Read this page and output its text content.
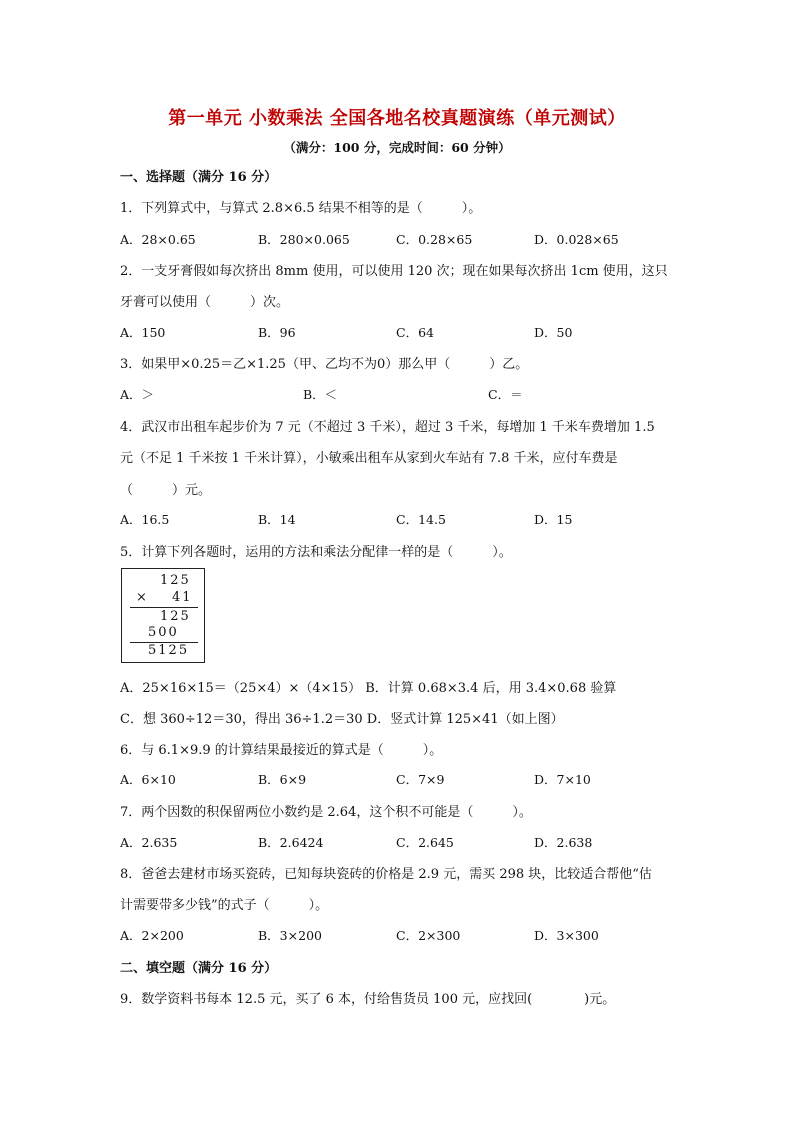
第一单元 小数乘法 全国各地名校真题演练（单元测试）
（满分：100 分，完成时间：60 分钟）
一、选择题（满分 16 分）
1．下列算式中，与算式 2.8×6.5 结果不相等的是（　　　）。
A．28×0.65	B．280×0.065	C．0.28×65	D．0.028×65
2．一支牙膏假如每次挤出 8mm 使用，可以使用 120 次；现在如果每次挤出 1cm 使用，这只
牙膏可以使用（　　　）次。
A．150	B．96	C．64	D．50
3．如果甲×0.25＝乙×1.25（甲、乙均不为0）那么甲（　　　）乙。
A．＞	B．＜	C．＝
4．武汉市出租车起步价为 7 元（不超过 3 千米），超过 3 千米，每增加 1 千米车费增加 1.5
元（不足 1 千米按 1 千米计算），小敏乘出租车从家到火车站有 7.8 千米，应付车费是
（　　　）元。
A．16.5	B．14	C．14.5	D．15
5．计算下列各题时，运用的方法和乘法分配律一样的是（　　　）。
125
× 41
125
500
5125
A．25×16×15＝（25×4）×（4×15） B．计算 0.68×3.4 后，用 3.4×0.68 验算
C．想 360÷12＝30，得出 36÷1.2＝30 D．竖式计算 125×41（如上图）
6．与 6.1×9.9 的计算结果最接近的算式是（　　　）。
A．6×10	B．6×9	C．7×9	D．7×10
7．两个因数的积保留两位小数约是 2.64，这个积不可能是（　　　）。
A．2.635	B．2.6424	C．2.645	D．2.638
8．爸爸去建材市场买瓷砖，已知每块瓷砖的价格是 2.9 元，需买 298 块，比较适合帮他“估
计需要带多少钱”的式子（　　　）。
A．2×200	B．3×200	C．2×300	D．3×300
二、填空题（满分 16 分）
9．数学资料书每本 12.5 元，买了 6 本，付给售货员 100 元，应找回(　　　　)元。
